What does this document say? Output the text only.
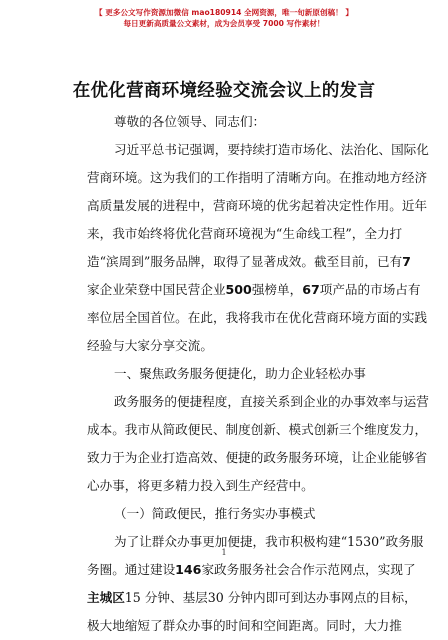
【 更多公文写作资源加微信 mao180914 全网资源，唯一旬新原创稿！ 】
每日更新高质量公文素材，成为会员享受 7000 写作素材！
在优化营商环境经验交流会议上的发言
尊敬的各位领导、同志们：
习近平总书记强调，要持续打造市场化、法治化、国际化
营商环境。这为我们的工作指明了清晰方向。在推动地方经济
高质量发展的进程中，营商环境的优劣起着决定性作用。近年
来，我市始终将优化营商环境视为“生命线工程”，全力打
造“滨周到”服务品牌，取得了显著成效。截至目前，已有7
家企业荣登中国民营企业500强榜单，67项产品的市场占有
率位居全国首位。在此，我将我市在优化营商环境方面的实践
经验与大家分享交流。
一、聚焦政务服务便捷化，助力企业轻松办事
政务服务的便捷程度，直接关系到企业的办事效率与运营
成本。我市从简政便民、制度创新、模式创新三个维度发力，
致力于为企业打造高效、便捷的政务服务环境，让企业能够省
心办事，将更多精力投入到生产经营中。
（一）简政便民，推行务实办事模式
为了让群众办事更加便捷，我市积极构建“1530”政务服
务圈。通过建设146家政务服务社会合作示范网点，实现了
主城区15 分钟、基层30 分钟内即可到达办事网点的目标，
极大地缩短了群众办事的时间和空间距离。同时，大力推
1
